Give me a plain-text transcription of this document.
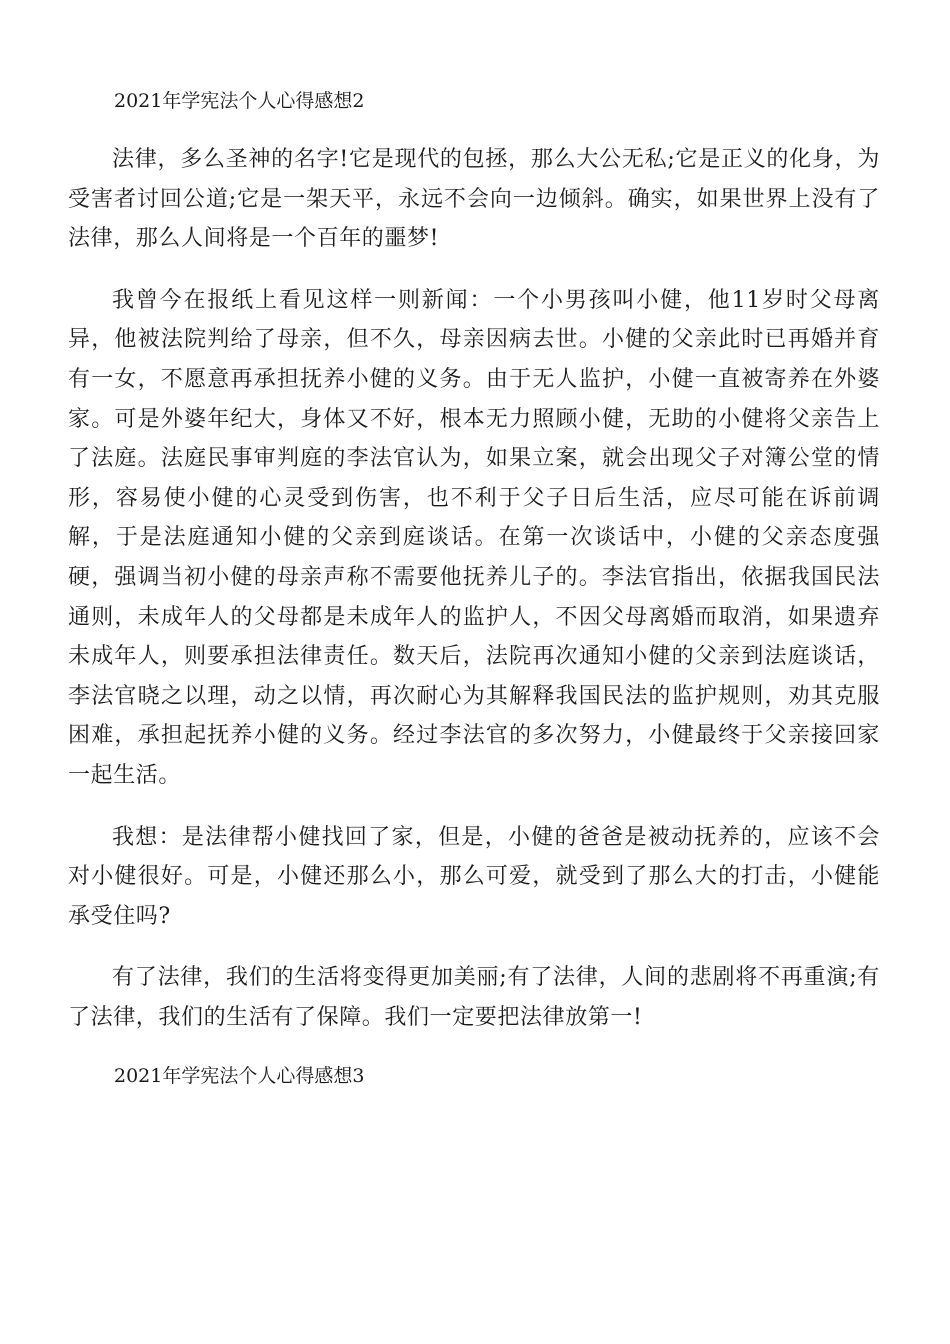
2021年学宪法个人心得感想2

法律，多么圣神的名字!它是现代的包拯，那么大公无私;它是正义的化身，为受害者讨回公道;它是一架天平，永远不会向一边倾斜。确实，如果世界上没有了法律，那么人间将是一个百年的噩梦!

我曾今在报纸上看见这样一则新闻：一个小男孩叫小健，他11岁时父母离异，他被法院判给了母亲，但不久，母亲因病去世。小健的父亲此时已再婚并育有一女，不愿意再承担抚养小健的义务。由于无人监护，小健一直被寄养在外婆家。可是外婆年纪大，身体又不好，根本无力照顾小健，无助的小健将父亲告上了法庭。法庭民事审判庭的李法官认为，如果立案，就会出现父子对簿公堂的情形，容易使小健的心灵受到伤害，也不利于父子日后生活，应尽可能在诉前调解，于是法庭通知小健的父亲到庭谈话。在第一次谈话中，小健的父亲态度强硬，强调当初小健的母亲声称不需要他抚养儿子的。李法官指出，依据我国民法通则，未成年人的父母都是未成年人的监护人，不因父母离婚而取消，如果遗弃未成年人，则要承担法律责任。数天后，法院再次通知小健的父亲到法庭谈话，李法官晓之以理，动之以情，再次耐心为其解释我国民法的监护规则，劝其克服困难，承担起抚养小健的义务。经过李法官的多次努力，小健最终于父亲接回家一起生活。

我想：是法律帮小健找回了家，但是，小健的爸爸是被动抚养的，应该不会对小健很好。可是，小健还那么小，那么可爱，就受到了那么大的打击，小健能承受住吗?

有了法律，我们的生活将变得更加美丽;有了法律，人间的悲剧将不再重演;有了法律，我们的生活有了保障。我们一定要把法律放第一!

2021年学宪法个人心得感想3
